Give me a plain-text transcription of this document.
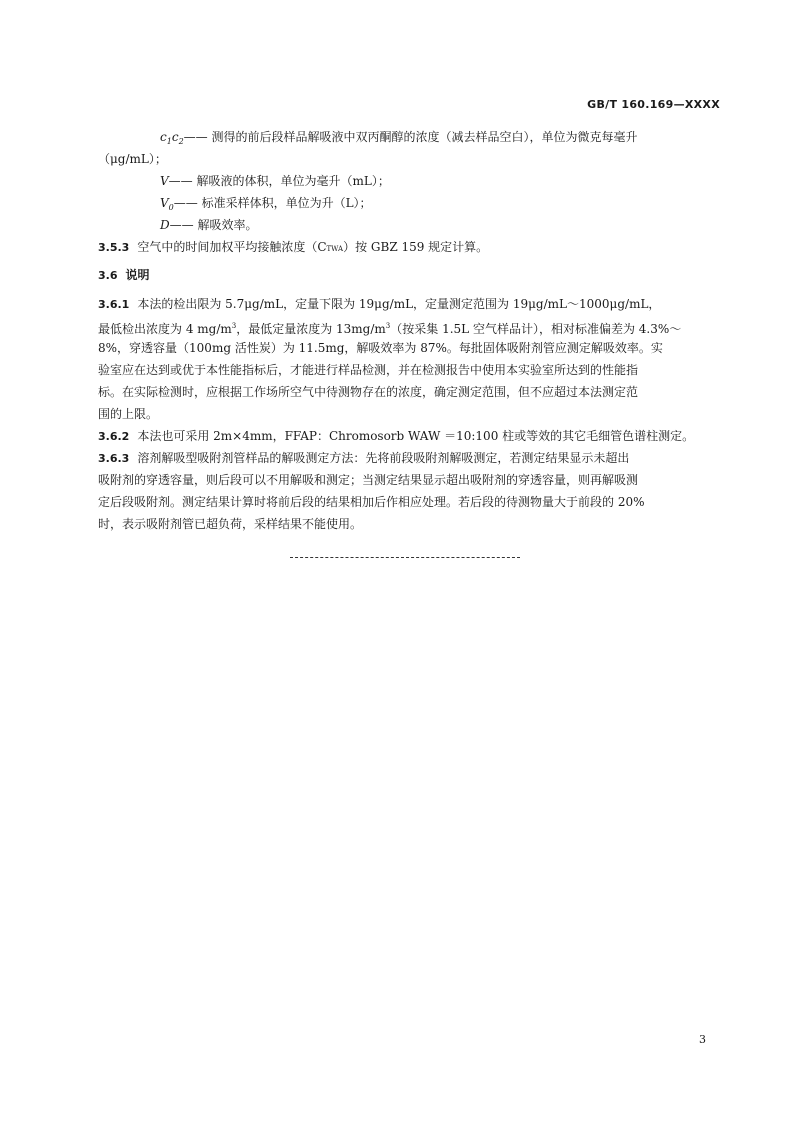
GB/T 160.169—XXXX
$c_1c_2——$ 测得的前后段样品解吸液中双丙酮醇的浓度（减去样品空白），单位为微克每毫升
（μg/mL）；
V—— 解吸液的体积，单位为毫升（mL）；
$V_0——$ 标准采样体积，单位为升（L）；
D—— 解吸效率。
3.5.3 空气中的时间加权平均接触浓度（CTWA）按 GBZ 159 规定计算。
3.6 说明
3.6.1 本法的检出限为 5.7μg/mL，定量下限为 19μg/mL，定量测定范围为 19μg/mL～1000μg/mL，
最低检出浓度为 4 $mg/m^3$，最低定量浓度为 $13mg/m^3$（按采集 1.5L 空气样品计），相对标准偏差为 4.3%～
8%，穿透容量（100mg 活性炭）为 11.5mg，解吸效率为 87%。每批固体吸附剂管应测定解吸效率。实
验室应在达到或优于本性能指标后，才能进行样品检测，并在检测报告中使用本实验室所达到的性能指
标。在实际检测时，应根据工作场所空气中待测物存在的浓度，确定测定范围，但不应超过本法测定范
围的上限。
3.6.2 本法也可采用 2m×4mm，FFAP：Chromosorb WAW ＝10:100 柱或等效的其它毛细管色谱柱测定。
3.6.3 溶剂解吸型吸附剂管样品的解吸测定方法：先将前段吸附剂解吸测定，若测定结果显示未超出
吸附剂的穿透容量，则后段可以不用解吸和测定；当测定结果显示超出吸附剂的穿透容量，则再解吸测
定后段吸附剂。测定结果计算时将前后段的结果相加后作相应处理。若后段的待测物量大于前段的 20%
时，表示吸附剂管已超负荷，采样结果不能使用。
3
